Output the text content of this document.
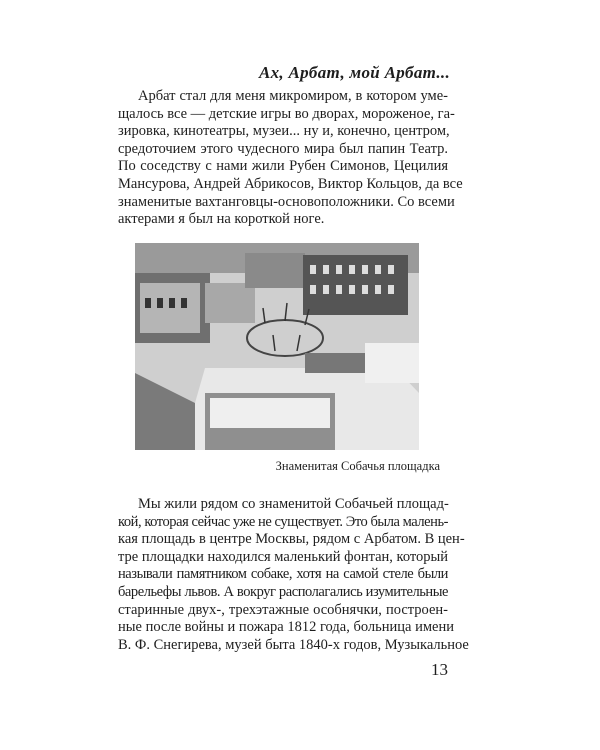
Ах, Арбат, мой Арбат...
Арбат стал для меня микромиром, в котором уме-
щалось все — детские игры во дворах, мороженое, га-
зировка, кинотеатры, музеи... ну и, конечно, центром,
средоточием этого чудесного мира был папин Театр.
По соседству с нами жили Рубен Симонов, Цецилия
Мансурова, Андрей Абрикосов, Виктор Кольцов, да все
знаменитые вахтанговцы-основоположники. Со всеми
актерами я был на короткой ноге.
Знаменитая Собачья площадка
Мы жили рядом со знаменитой Собачьей площад-
кой, которая сейчас уже не существует. Это была малень-
кая площадь в центре Москвы, рядом с Арбатом. В цен-
тре площадки находился маленький фонтан, который
называли памятником собаке, хотя на самой стеле были
барельефы львов. А вокруг располагались изумительные
старинные двух-, трехэтажные особнячки, построен-
ные после войны и пожара 1812 года, больница имени
В. Ф. Снегирева, музей быта 1840-х годов, Музыкальное
13
